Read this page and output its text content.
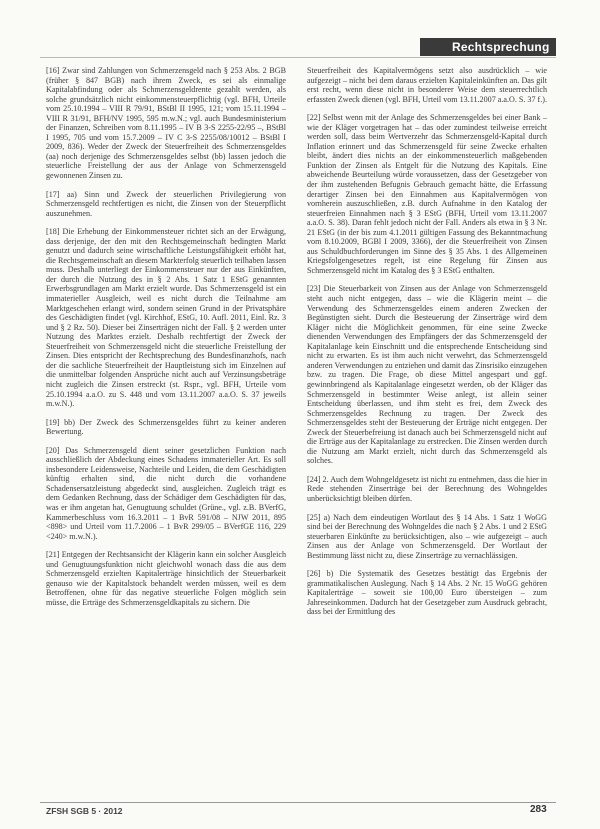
Rechtsprechung

[16] Zwar sind Zahlungen von Schmerzensgeld nach § 253 Abs. 2 BGB (früher § 847 BGB) nach ihrem Zweck, es sei als einmalige Kapitalabfindung oder als Schmerzensgeldrente gezahlt werden, als solche grundsätzlich nicht einkommensteuerpflichtig (vgl. BFH, Urteile vom 25.10.1994 – VIII R 79/91, BStBl II 1995, 121; vom 15.11.1994 – VIII R 31/91, BFH/NV 1995, 595 m.w.N.; vgl. auch Bundesministerium der Finanzen, Schreiben vom 8.11.1995 – IV B 3-S 2255-22/95 –, BStBl I 1995, 705 und vom 15.7.2009 – IV C 3-S 2255/08/10012 – BStBl I 2009, 836). Weder der Zweck der Steuerfreiheit des Schmerzensgeldes (aa) noch derjenige des Schmerzensgeldes selbst (bb) lassen jedoch die steuerliche Freistellung der aus der Anlage von Schmerzensgeld gewonnenen Zinsen zu.

[17] aa) Sinn und Zweck der steuerlichen Privilegierung von Schmerzensgeld rechtfertigen es nicht, die Zinsen von der Steuerpflicht auszunehmen.

[18] Die Erhebung der Einkommensteuer richtet sich an der Erwägung, dass derjenige, der den mit den Rechtsgemeinschaft bedingten Markt genutzt und dadurch seine wirtschaftliche Leistungsfähigkeit erhöht hat, die Rechtsgemeinschaft an diesem Markterfolg steuerlich teilhaben lassen muss. Deshalb unterliegt der Einkommensteuer nur der aus Einkünften, der durch die Nutzung des in § 2 Abs. 1 Satz 1 EStG genannten Erwerbsgrundlagen am Markt erzielt wurde. Das Schmerzensgeld ist ein immaterieller Ausgleich, weil es nicht durch die Teilnahme am Marktgeschehen erlangt wird, sondern seinen Grund in der Privatsphäre des Geschädigten findet (vgl. Kirchhof, EStG, 10. Aufl. 2011, Einl. Rz. 3 und § 2 Rz. 50). Dieser bei Zinserträgen nicht der Fall. § 2 werden unter Nutzung des Marktes erzielt. Deshalb rechtfertigt der Zweck der Steuerfreiheit von Schmerzensgeld nicht die steuerliche Freistellung der Zinsen. Dies entspricht der Rechtsprechung des Bundesfinanzhofs, nach der die sachliche Steuerfreiheit der Hauptleistung sich im Einzelnen auf die unmittelbar folgenden Ansprüche nicht auch auf Verzinsungsbeträge nicht zugleich die Zinsen erstreckt (st. Rspr., vgl. BFH, Urteile vom 25.10.1994 a.a.O. zu S. 448 und vom 13.11.2007 a.a.O. S. 37 jeweils m.w.N.).

[19] bb) Der Zweck des Schmerzensgeldes führt zu keiner anderen Bewertung.

[20] Das Schmerzensgeld dient seiner gesetzlichen Funktion nach ausschließlich der Abdeckung eines Schadens immaterieller Art. Es soll insbesondere Leidensweise, Nachteile und Leiden, die dem Geschädigten künftig erhalten sind, die nicht durch die vorhandene Schadensersatzleistung abgedeckt sind, ausgleichen. Zugleich trägt es dem Gedanken Rechnung, dass der Schädiger dem Geschädigten für das, was er ihm angetan hat, Genugtuung schuldet (Grüne., vgl. z.B. BVerfG, Kammerbeschluss vom 16.3.2011 – 1 BvR 591/08 – NJW 2011, 895 <898> und Urteil vom 11.7.2006 – 1 BvR 299/05 – BVerfGE 116, 229 <240> m.w.N.).

[21] Entgegen der Rechtsansicht der Klägerin kann ein solcher Ausgleich und Genugtuungsfunktion nicht gleichwohl wonach dass die aus dem Schmerzensgeld erzielten Kapitalerträge hinsichtlich der Steuerbarkeit genauso wie der Kapitalstock behandelt werden müssen, weil es dem Betroffenen, ohne für das negative steuerliche Folgen möglich sein müsse, die Erträge des Schmerzensgeldkapitals zu sichern. Die

Steuerfreiheit des Kapitalvermögens setzt also ausdrücklich – wie aufgezeigt – nicht bei dem daraus erzielten Kapitaleinkünften an. Das gilt erst recht, wenn diese nicht in besonderer Weise dem steuerrechtlich erfassten Zweck dienen (vgl. BFH, Urteil vom 13.11.2007 a.a.O. S. 37 f.).

[22] Selbst wenn mit der Anlage des Schmerzensgeldes bei einer Bank – wie der Kläger vorgetragen hat – das oder zumindest teilweise erreicht werden soll, dass beim Wertverzehr das Schmerzensgeld-Kapital durch Inflation erinnert und das Schmerzensgeld für seine Zwecke erhalten bleibt, ändert dies nichts an der einkommensteuerlich maßgebenden Funktion der Zinsen als Entgelt für die Nutzung des Kapitals. Eine abweichende Beurteilung würde voraussetzen, dass der Gesetzgeber von der ihm zustehenden Befugnis Gebrauch gemacht hätte, die Erfassung derartiger Zinsen bei den Einnahmen aus Kapitalvermögen von vornherein auszuschließen, z.B. durch Aufnahme in den Katalog der steuerfreien Einnahmen nach § 3 EStG (BFH, Urteil vom 13.11.2007 a.a.O. S. 38). Daran fehlt jedoch nicht der Fall. Anders als etwa in § 3 Nr. 21 EStG (in der bis zum 4.1.2011 gültigen Fassung des Bekanntmachung vom 8.10.2009, BGBl I 2009, 3366), der die Steuerfreiheit von Zinsen aus Schuldbuchforderungen im Sinne des § 35 Abs. 1 des Allgemeinen Kriegsfolgengesetzes regelt, ist eine Regelung für Zinsen aus Schmerzensgeld nicht im Katalog des § 3 EStG enthalten.

[23] Die Steuerbarkeit von Zinsen aus der Anlage von Schmerzensgeld steht auch nicht entgegen, dass – wie die Klägerin meint – die Verwendung des Schmerzensgeldes einem anderen Zwecken der Begünstigten sieht. Durch die Besteuerung der Zinserträge wird dem Kläger nicht die Möglichkeit genommen, für eine seine Zwecke dienenden Verwendungen des Empfängers der das Schmerzensgeld der Kapitalanlage kein Einschnitt und die entsprechende Entscheidung sind nicht zu erwarten. Es ist ihm auch nicht verwehrt, das Schmerzensgeld anderen Verwendungen zu entziehen und damit das Zinsrisiko einzugehen bzw. zu tragen. Die Frage, ob diese Mittel angespart und ggf. gewinnbringend als Kapitalanlage eingesetzt werden, ob der Kläger das Schmerzensgeld in bestimmter Weise anlegt, ist allein seiner Entscheidung überlassen, und ihm steht es frei, dem Zweck des Schmerzensgeldes Rechnung zu tragen. Der Zweck des Schmerzensgeldes steht der Besteuerung der Erträge nicht entgegen. Der Zweck der Steuerbefreiung ist danach auch bei Schmerzensgeld nicht auf die Erträge aus der Kapitalanlage zu erstrecken. Die Zinsen werden durch die Nutzung am Markt erzielt, nicht durch das Schmerzensgeld als solches.

[24] 2. Auch dem Wohngeldgesetz ist nicht zu entnehmen, dass die hier in Rede stehenden Zinserträge bei der Berechnung des Wohngeldes unberücksichtigt bleiben dürfen.

[25] a) Nach dem eindeutigen Wortlaut des § 14 Abs. 1 Satz 1 WoGG sind bei der Berechnung des Wohngeldes die nach § 2 Abs. 1 und 2 EStG steuerbaren Einkünfte zu berücksichtigen, also – wie aufgezeigt – auch Zinsen aus der Anlage von Schmerzensgeld. Der Wortlaut der Bestimmung lässt nicht zu, diese Zinserträge zu vernachlässigen.

[26] b) Die Systematik des Gesetzes bestätigt das Ergebnis der grammatikalischen Auslegung. Nach § 14 Abs. 2 Nr. 15 WoGG gehören Kapitalerträge – soweit sie 100,00 Euro übersteigen – zum Jahreseinkommen. Dadurch hat der Gesetzgeber zum Ausdruck gebracht, dass bei der Ermittlung des

ZFSH SGB 5 · 2012	283
